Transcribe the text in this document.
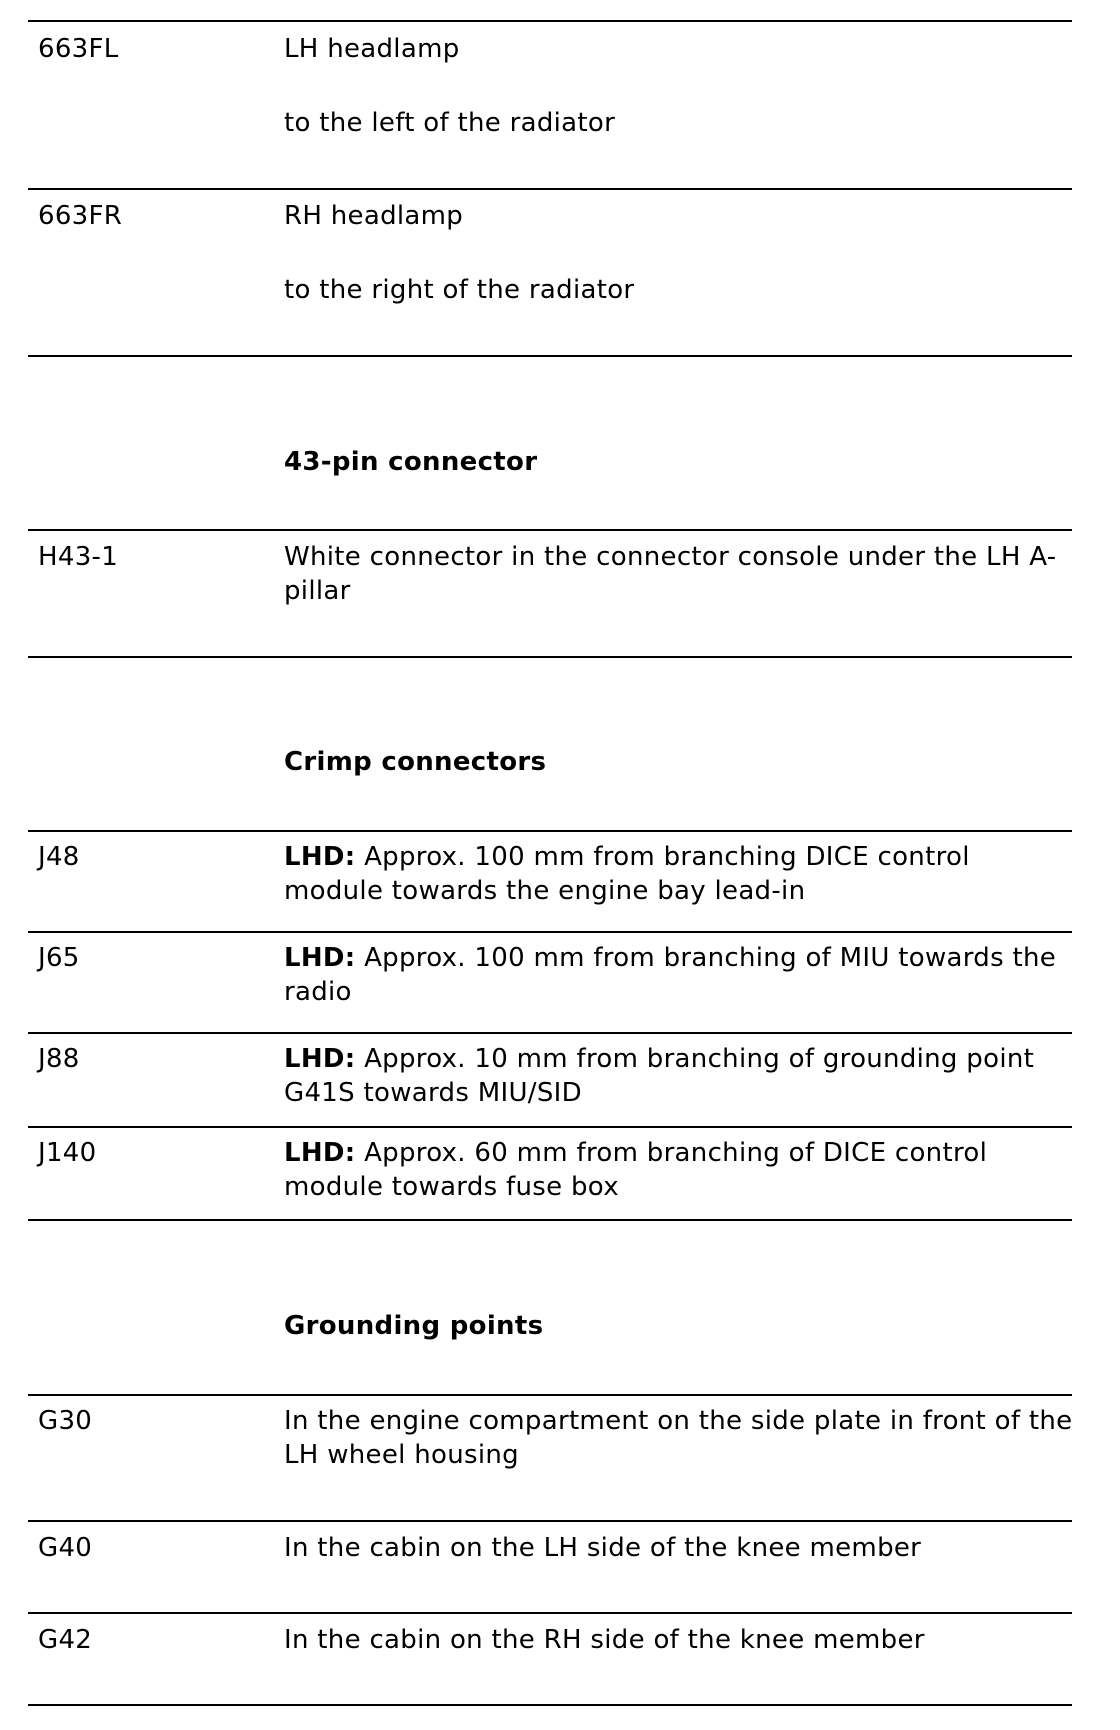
663FL	LH headlamp
to the left of the radiator
663FR	RH headlamp
to the right of the radiator
43-pin connector
H43-1	White connector in the connector console under the LH A-pillar
Crimp connectors
J48	LHD: Approx. 100 mm from branching DICE control module towards the engine bay lead-in
J65	LHD: Approx. 100 mm from branching of MIU towards the radio
J88	LHD: Approx. 10 mm from branching of grounding point G41S towards MIU/SID
J140	LHD: Approx. 60 mm from branching of DICE control module towards fuse box
Grounding points
G30	In the engine compartment on the side plate in front of the LH wheel housing
G40	In the cabin on the LH side of the knee member
G42	In the cabin on the RH side of the knee member
